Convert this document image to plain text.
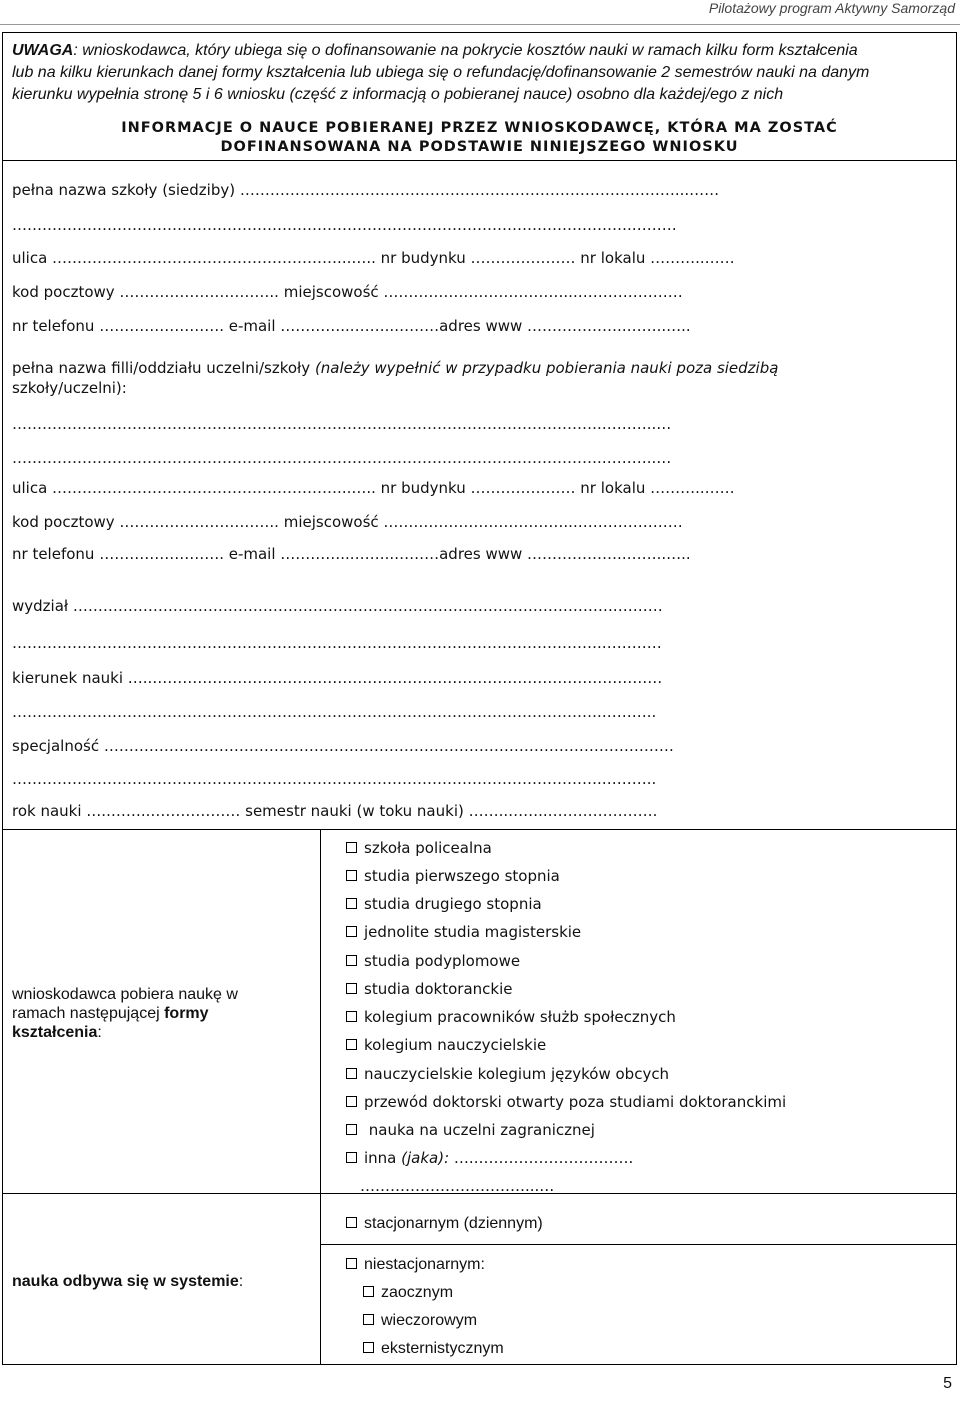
Pilotażowy program Aktywny Samorząd
UWAGA: wnioskodawca, który ubiega się o dofinansowanie na pokrycie kosztów nauki w ramach kilku form kształcenia
lub na kilku kierunkach danej formy kształcenia lub ubiega się o refundację/dofinansowanie 2 semestrów nauki na danym
kierunku wypełnia stronę 5 i 6 wniosku (część z informacją o pobieranej nauce) osobno dla każdej/ego z nich
INFORMACJE O NAUCE POBIERANEJ PRZEZ WNIOSKODAWCĘ, KTÓRA MA ZOSTAĆ
DOFINANSOWANA NA PODSTAWIE NINIEJSZEGO WNIOSKU
pełna nazwa szkoły (siedziby) ……………………………………………………………………………...……
…………………………………………………………………………………………………………….………
ulica …………………………………………………...….. nr budynku ………………… nr lokalu ………..……
kod pocztowy ………………………….. miejscowość ………………………………...…………………
nr telefonu ……………………. e-mail …………...……..………adres www ………………..……..…..
pełna nazwa filli/oddziału uczelni/szkoły (należy wypełnić w przypadku pobierania nauki poza siedzibą
szkoły/uczelni):
……………………………………………………………………………………………………….………..…
……………………………………………………………………………………………………….………..…
ulica …………………………………………………...….. nr budynku ………………… nr lokalu ………..……
kod pocztowy ………………………….. miejscowość ………………………………...…………………
nr telefonu ……………………. e-mail …………...……..………adres www ………………..……..…..
wydział ……………………………………………………………………………………………….………
……………………………………………………………………………………………………….…………
kierunek nauki …..…………………………………………………………………………………………
……………………………………………………………………………………………………….………..
specjalność ……………………………………………………………………………………………………
……………………………………………………………………………………………………….………..
rok nauki …..……..……………… semestr nauki (w toku nauki) ……..……..………………….
wnioskodawca pobiera naukę w
ramach następującej formy
kształcenia:
szkoła policealna
studia pierwszego stopnia
studia drugiego stopnia
jednolite studia magisterskie
studia podyplomowe
studia doktoranckie
kolegium pracowników służb społecznych
kolegium nauczycielskie
nauczycielskie kolegium języków obcych
przewód doktorski otwarty poza studiami doktoranckimi
nauka na uczelni zagranicznej
inna (jaka): …..………………………….
……………………………...…
nauka odbywa się w systemie:
stacjonarnym (dziennym)
niestacjonarnym:
zaocznym
wieczorowym
eksternistycznym
5
